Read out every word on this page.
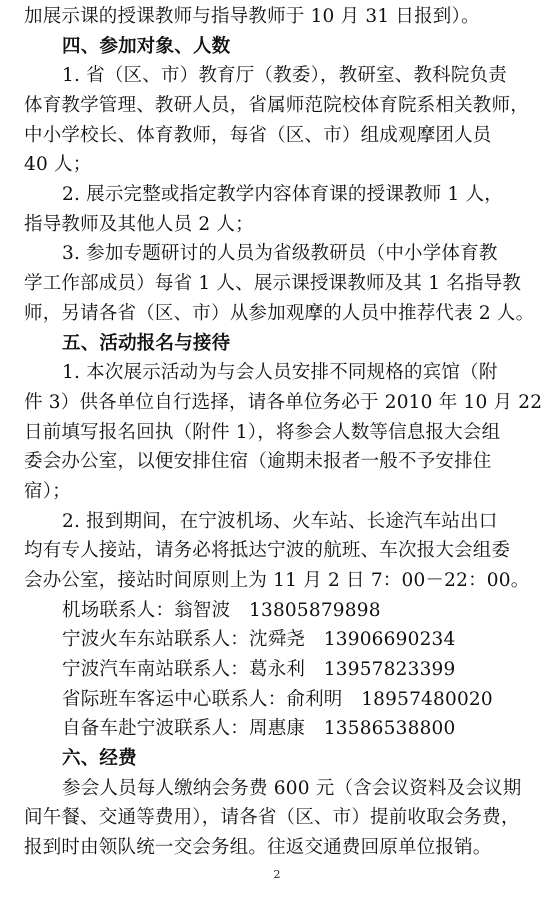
加展示课的授课教师与指导教师于 10 月 31 日报到）。
四、参加对象、人数
1. 省（区、市）教育厅（教委），教研室、教科院负责
体育教学管理、教研人员，省属师范院校体育院系相关教师，
中小学校长、体育教师，每省（区、市）组成观摩团人员
40 人；
2. 展示完整或指定教学内容体育课的授课教师 1 人，
指导教师及其他人员 2 人；
3. 参加专题研讨的人员为省级教研员（中小学体育教
学工作部成员）每省 1 人、展示课授课教师及其 1 名指导教
师，另请各省（区、市）从参加观摩的人员中推荐代表 2 人。
五、活动报名与接待
1. 本次展示活动为与会人员安排不同规格的宾馆（附
件 3）供各单位自行选择，请各单位务必于 2010 年 10 月 22
日前填写报名回执（附件 1），将参会人数等信息报大会组
委会办公室，以便安排住宿（逾期未报者一般不予安排住
宿）；
2. 报到期间，在宁波机场、火车站、长途汽车站出口
均有专人接站，请务必将抵达宁波的航班、车次报大会组委
会办公室，接站时间原则上为 11 月 2 日 7：00－22：00。
机场联系人：翁智波　13805879898
宁波火车东站联系人：沈舜尧　13906690234
宁波汽车南站联系人：葛永利　13957823399
省际班车客运中心联系人：俞利明　18957480020
自备车赴宁波联系人：周惠康　13586538800
六、经费
参会人员每人缴纳会务费 600 元（含会议资料及会议期
间午餐、交通等费用），请各省（区、市）提前收取会务费，
报到时由领队统一交会务组。往返交通费回原单位报销。
2
